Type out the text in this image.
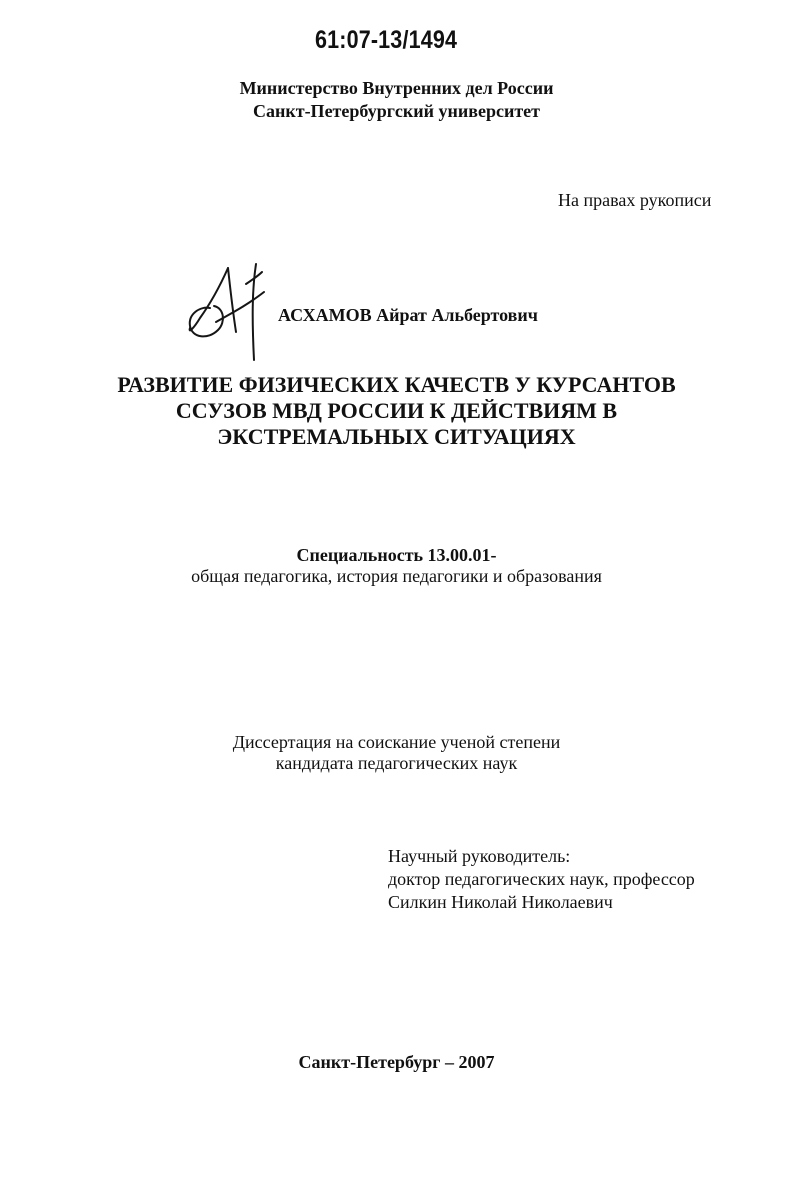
61:07-13/1494
Министерство Внутренних дел России
Санкт-Петербургский университет
На правах рукописи
АСХАМОВ Айрат Альбертович
РАЗВИТИЕ ФИЗИЧЕСКИХ КАЧЕСТВ У КУРСАНТОВ
ССУЗОВ МВД РОССИИ К ДЕЙСТВИЯМ В
ЭКСТРЕМАЛЬНЫХ СИТУАЦИЯХ
Специальность 13.00.01-
общая педагогика, история педагогики и образования
Диссертация на соискание ученой степени
кандидата педагогических наук
Научный руководитель:
доктор педагогических наук, профессор
Силкин Николай Николаевич
Санкт-Петербург – 2007
